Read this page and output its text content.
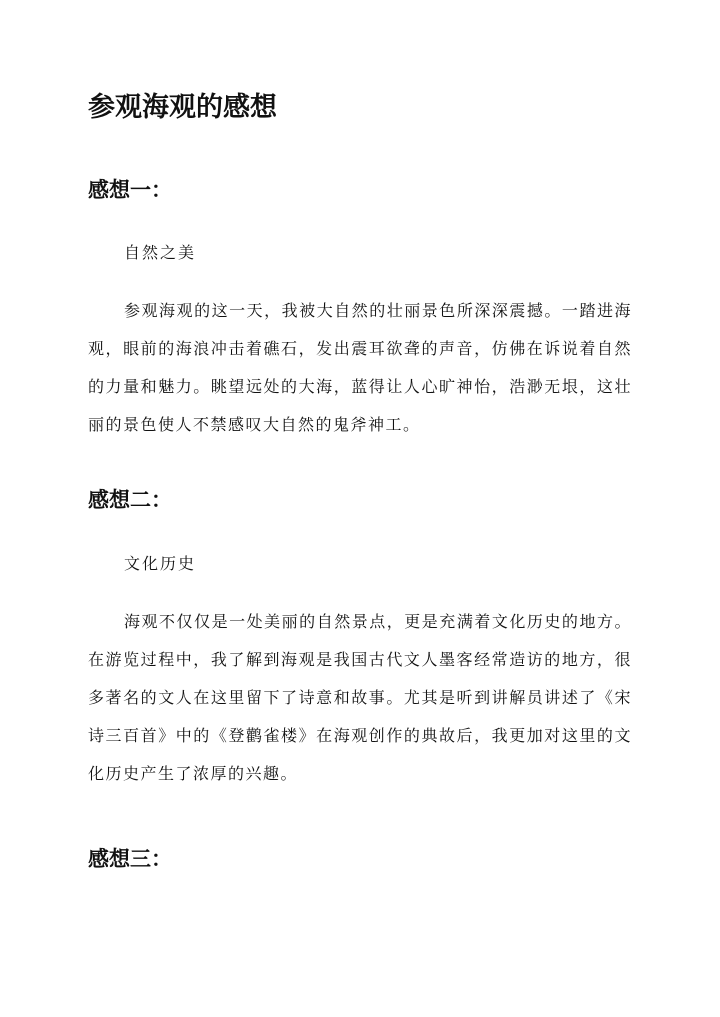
参观海观的感想
感想一：

自然之美

参观海观的这一天，我被大自然的壮丽景色所深深震撼。一踏进海观，眼前的海浪冲击着礁石，发出震耳欲聋的声音，仿佛在诉说着自然的力量和魅力。眺望远处的大海，蓝得让人心旷神怡，浩渺无垠，这壮丽的景色使人不禁感叹大自然的鬼斧神工。

感想二：

文化历史

海观不仅仅是一处美丽的自然景点，更是充满着文化历史的地方。在游览过程中，我了解到海观是我国古代文人墨客经常造访的地方，很多著名的文人在这里留下了诗意和故事。尤其是听到讲解员讲述了《宋诗三百首》中的《登鹳雀楼》在海观创作的典故后，我更加对这里的文化历史产生了浓厚的兴趣。

感想三：
